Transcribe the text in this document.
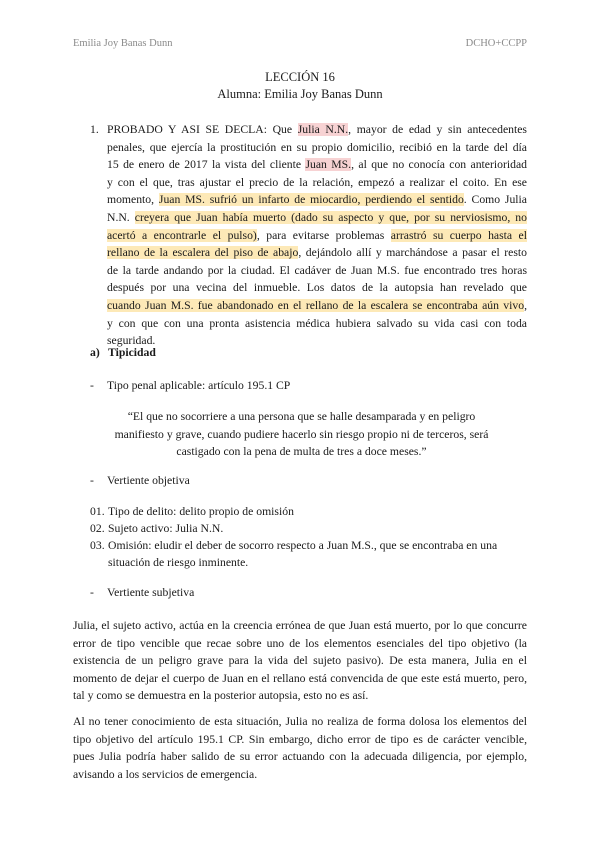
Emilia Joy Banas Dunn	DCHO+CCPP
LECCIÓN 16
Alumna: Emilia Joy Banas Dunn
1. PROBADO Y ASI SE DECLA: Que Julia N.N., mayor de edad y sin antecedentes
penales, que ejercía la prostitución en su propio domicilio, recibió en la tarde del día
15 de enero de 2017 la vista del cliente Juan MS., al que no conocía con anterioridad
y con el que, tras ajustar el precio de la relación, empezó a realizar el coito. En ese
momento, Juan MS. sufrió un infarto de miocardio, perdiendo el sentido. Como Julia
N.N. creyera que Juan había muerto (dado su aspecto y que, por su nerviosismo, no
acertó a encontrarle el pulso), para evitarse problemas arrastró su cuerpo hasta el
rellano de la escalera del piso de abajo, dejándolo allí y marchándose a pasar el resto
de la tarde andando por la ciudad. El cadáver de Juan M.S. fue encontrado tres horas
después por una vecina del inmueble. Los datos de la autopsia han revelado que
cuando Juan M.S. fue abandonado en el rellano de la escalera se encontraba aún vivo,
y con que con una pronta asistencia médica hubiera salvado su vida casi con toda
seguridad.
a) Tipicidad
- Tipo penal aplicable: artículo 195.1 CP
“El que no socorriere a una persona que se halle desamparada y en peligro
manifiesto y grave, cuando pudiere hacerlo sin riesgo propio ni de terceros, será
castigado con la pena de multa de tres a doce meses.”
- Vertiente objetiva
01. Tipo de delito: delito propio de omisión
02. Sujeto activo: Julia N.N.
03. Omisión: eludir el deber de socorro respecto a Juan M.S., que se encontraba en una
situación de riesgo inminente.
- Vertiente subjetiva
Julia, el sujeto activo, actúa en la creencia errónea de que Juan está muerto, por lo que concurre error de tipo vencible que recae sobre uno de los elementos esenciales del tipo objetivo (la existencia de un peligro grave para la vida del sujeto pasivo). De esta manera, Julia en el momento de dejar el cuerpo de Juan en el rellano está convencida de que este está muerto, pero, tal y como se demuestra en la posterior autopsia, esto no es así.
Al no tener conocimiento de esta situación, Julia no realiza de forma dolosa los elementos del tipo objetivo del artículo 195.1 CP. Sin embargo, dicho error de tipo es de carácter vencible, pues Julia podría haber salido de su error actuando con la adecuada diligencia, por ejemplo, avisando a los servicios de emergencia.
